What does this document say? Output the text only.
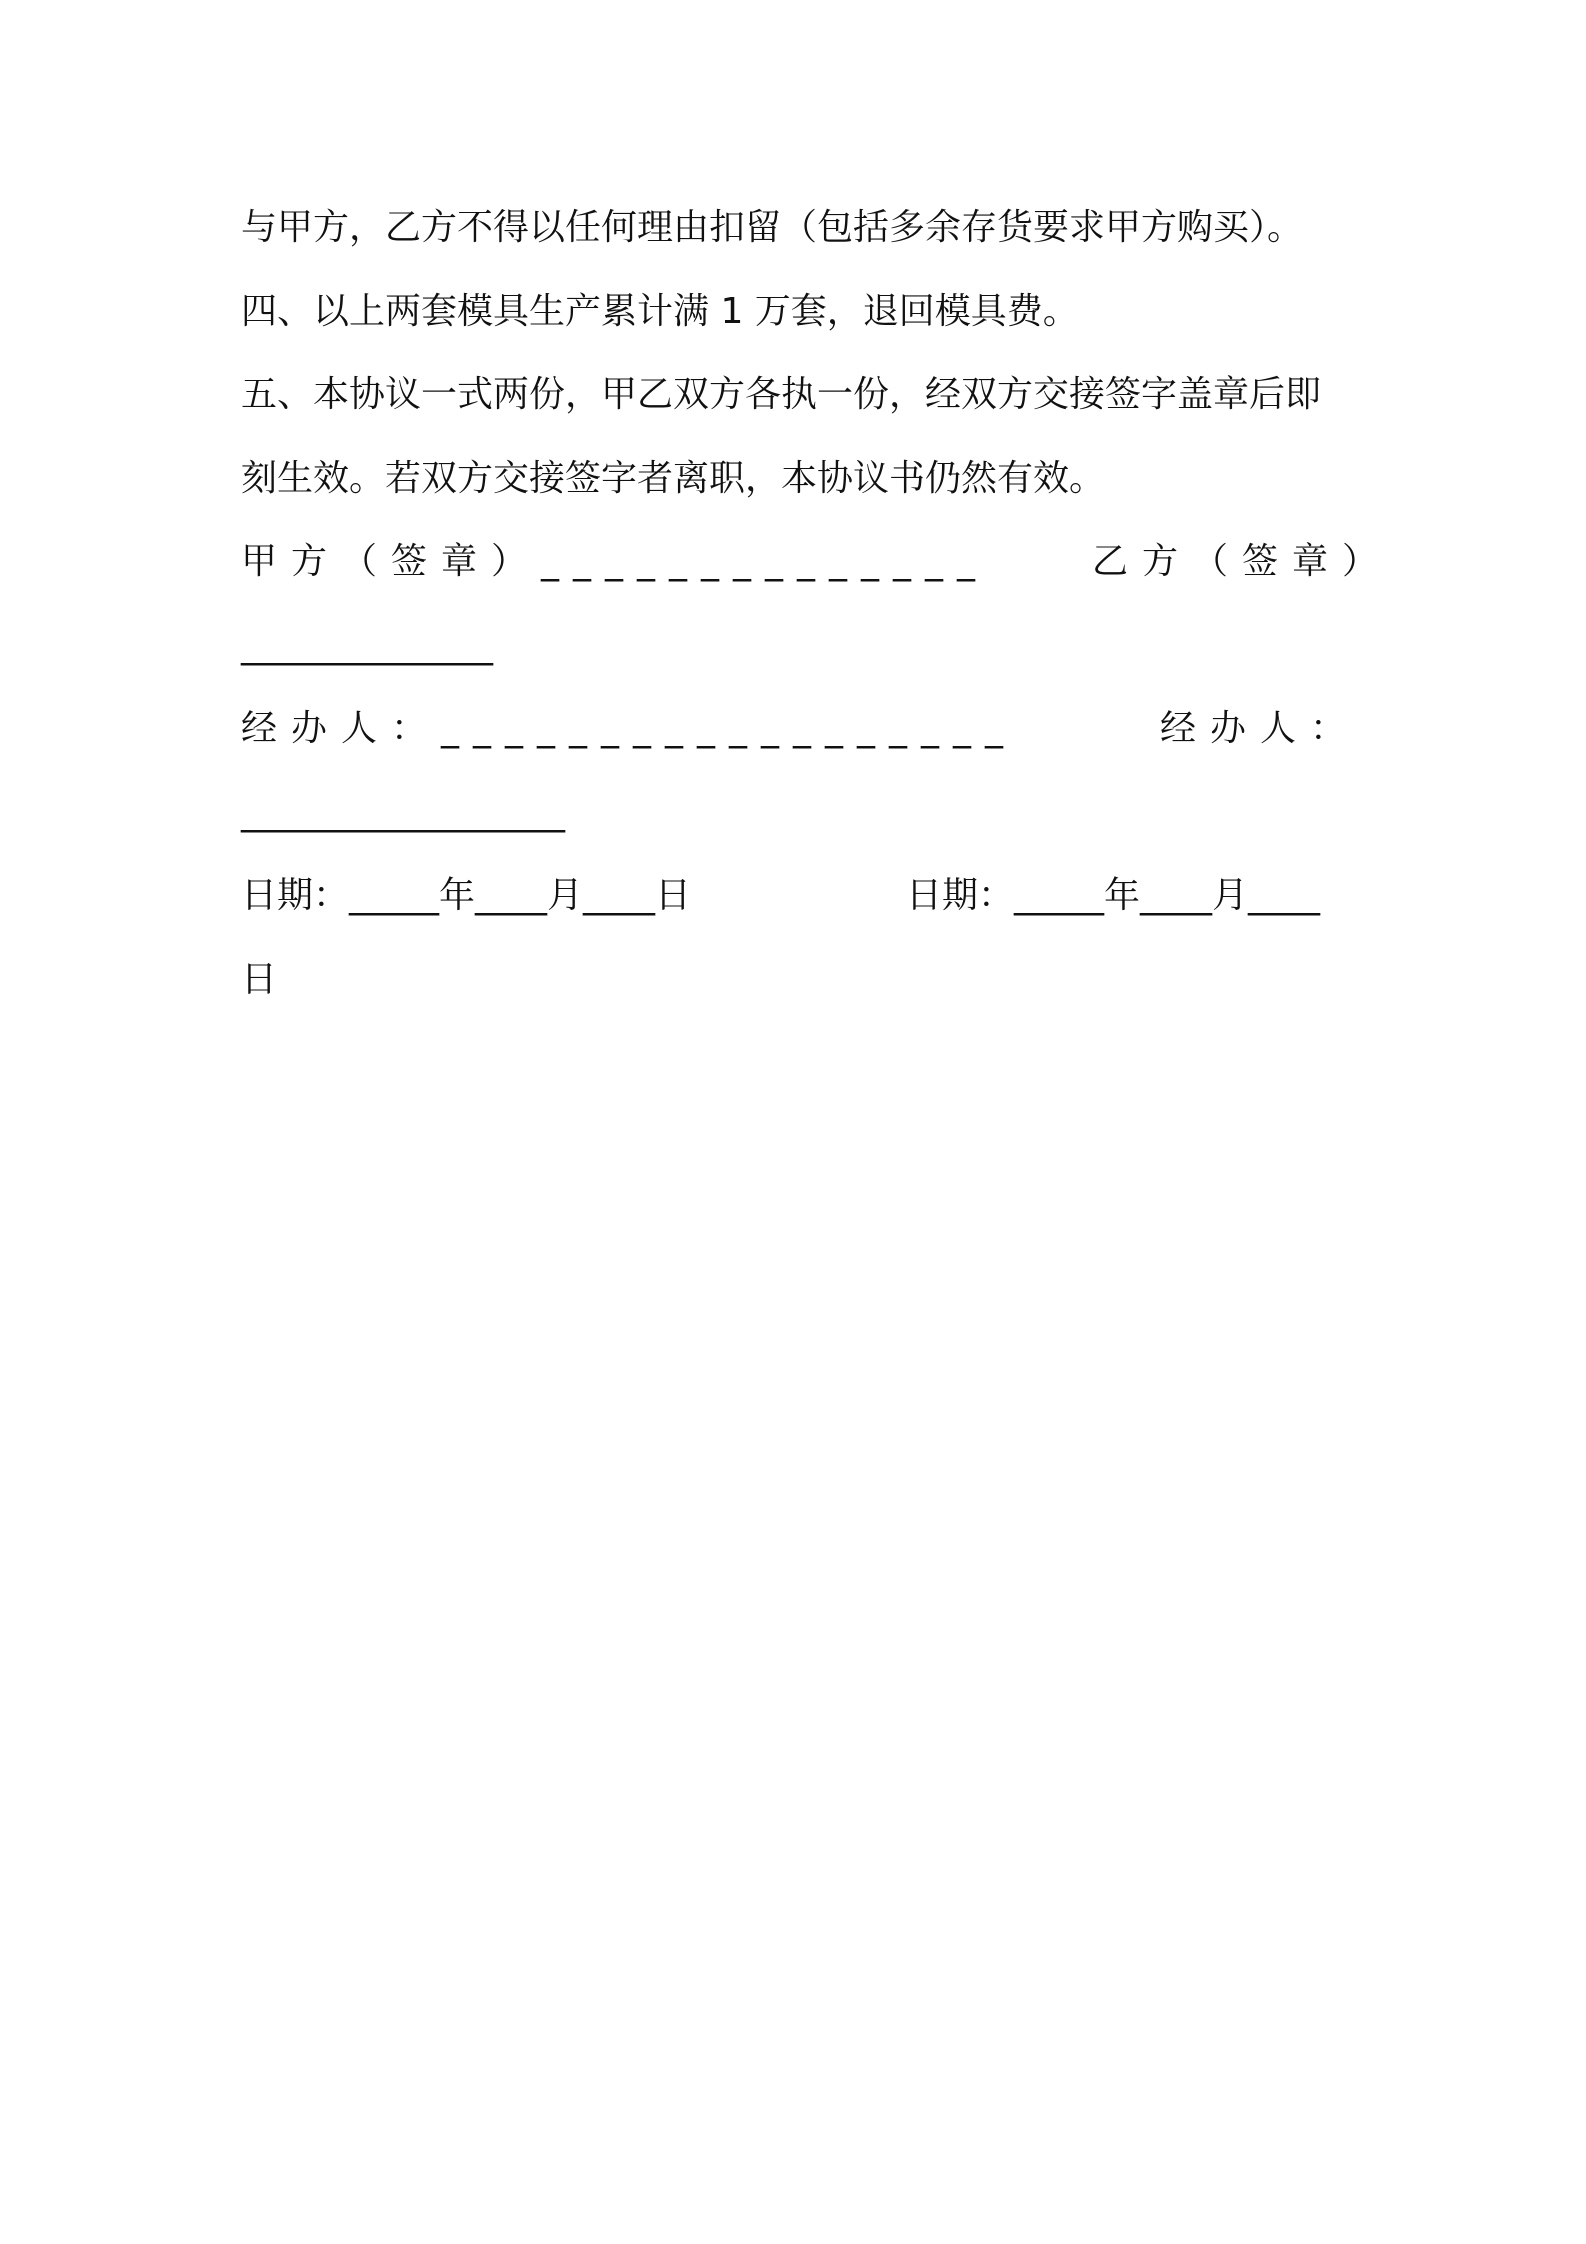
与甲方，乙方不得以任何理由扣留（包括多余存货要求甲方购买）。
四、以上两套模具生产累计满 1 万套，退回模具费。
五、本协议一式两份，甲乙双方各执一份，经双方交接签字盖章后即
刻生效。若双方交接签字者离职，本协议书仍然有效。
甲方（签章）______________	乙方（签章）
______________
经办人：__________________	经办人：
__________________
日期：_____年____月____日	日期：_____年____月____
日
